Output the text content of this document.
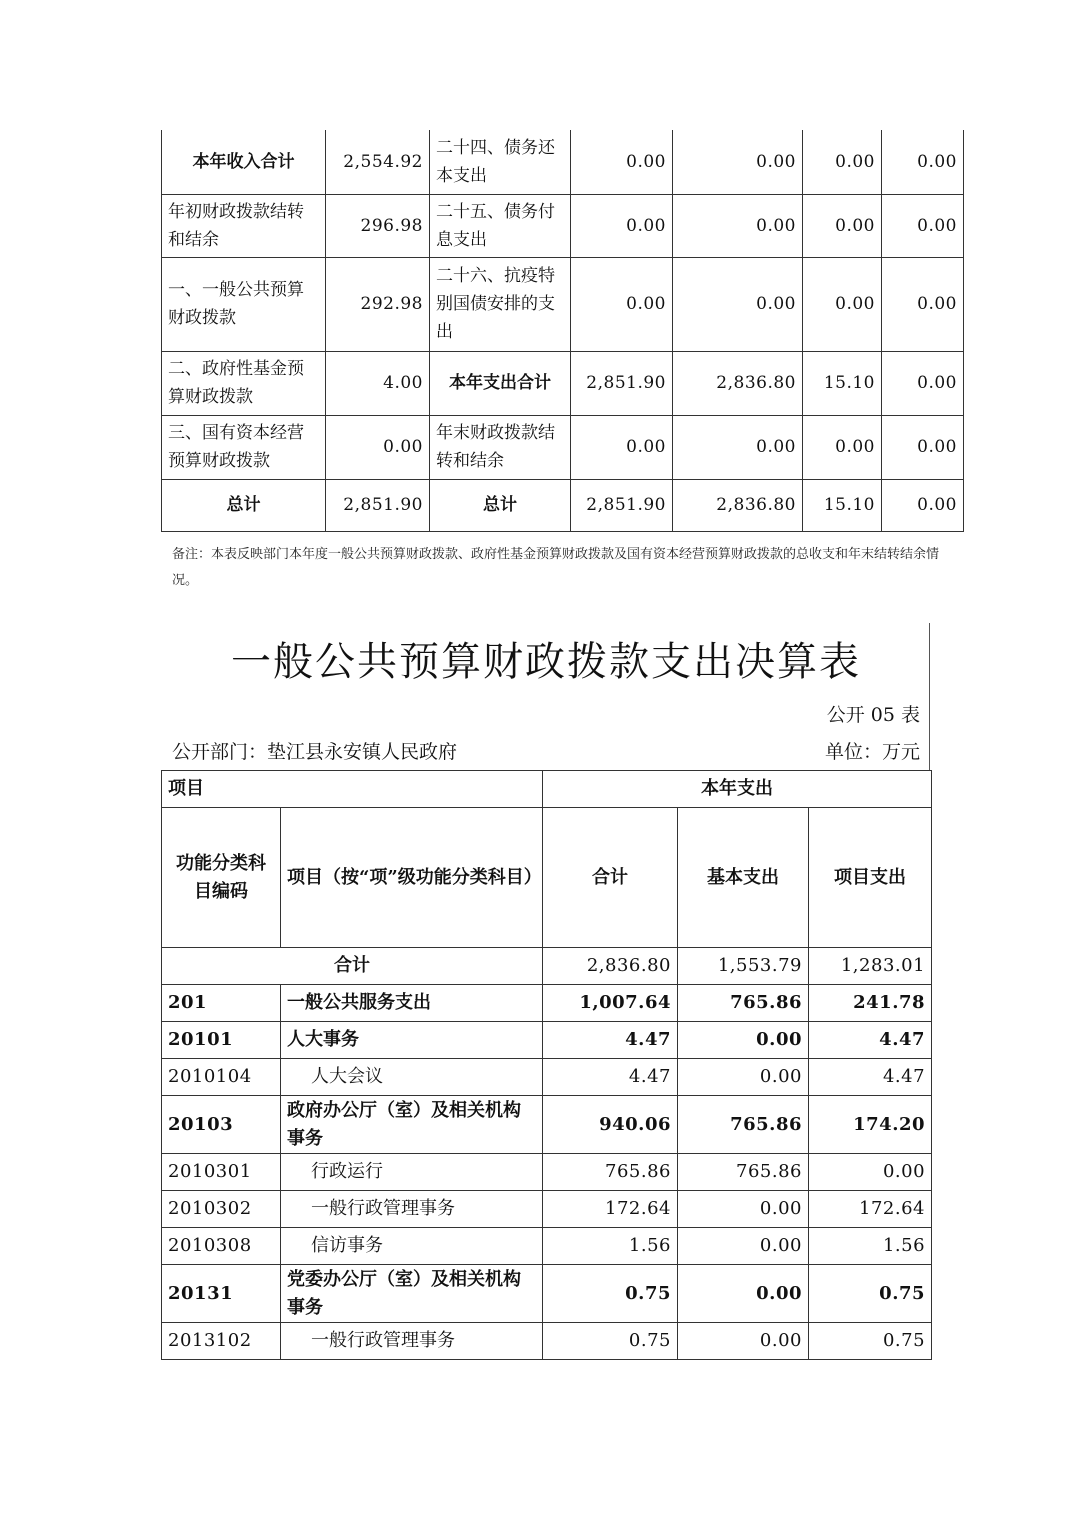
本年收入合计	2,554.92	二十四、债务还本支出	0.00	0.00	0.00	0.00
年初财政拨款结转和结余	296.98	二十五、债务付息支出	0.00	0.00	0.00	0.00
一、一般公共预算财政拨款	292.98	二十六、抗疫特别国债安排的支出	0.00	0.00	0.00	0.00
二、政府性基金预算财政拨款	4.00	本年支出合计	2,851.90	2,836.80	15.10	0.00
三、国有资本经营预算财政拨款	0.00	年末财政拨款结转和结余	0.00	0.00	0.00	0.00
总计	2,851.90	总计	2,851.90	2,836.80	15.10	0.00
备注：本表反映部门本年度一般公共预算财政拨款、政府性基金预算财政拨款及国有资本经营预算财政拨款的总收支和年末结转结余情况。
一般公共预算财政拨款支出决算表
公开 05 表
公开部门：垫江县永安镇人民政府	单位：万元
项目		本年支出		
功能分类科目编码	项目（按“项”级功能分类科目）	合计	基本支出	项目支出
合计		2,836.80	1,553.79	1,283.01
201	一般公共服务支出	1,007.64	765.86	241.78
20101	人大事务	4.47	0.00	4.47
2010104	人大会议	4.47	0.00	4.47
20103	政府办公厅（室）及相关机构事务	940.06	765.86	174.20
2010301	行政运行	765.86	765.86	0.00
2010302	一般行政管理事务	172.64	0.00	172.64
2010308	信访事务	1.56	0.00	1.56
20131	党委办公厅（室）及相关机构事务	0.75	0.00	0.75
2013102	一般行政管理事务	0.75	0.00	0.75
